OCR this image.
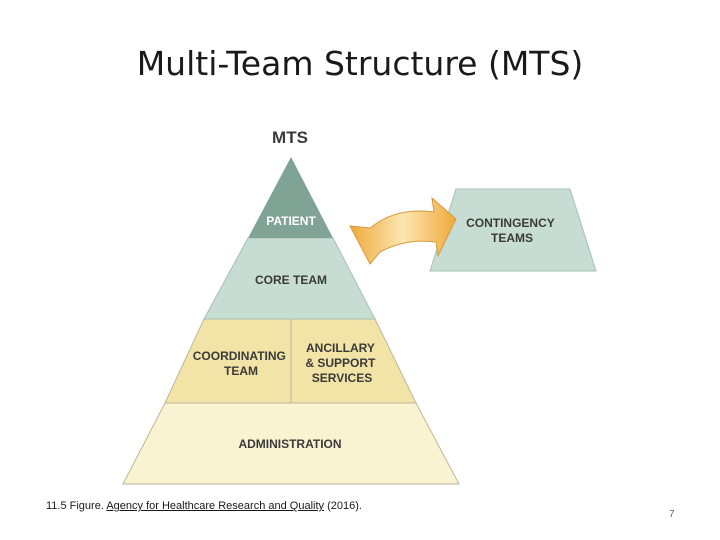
Multi-Team Structure (MTS)
MTS
ADMINISTRATION
COORDINATING TEAM
ANCILLARY & SUPPORT SERVICES
CORE TEAM
PATIENT	CONTINGENCY TEAMS
11.5 Figure. Agency for Healthcare Research and Quality (2016).
7
